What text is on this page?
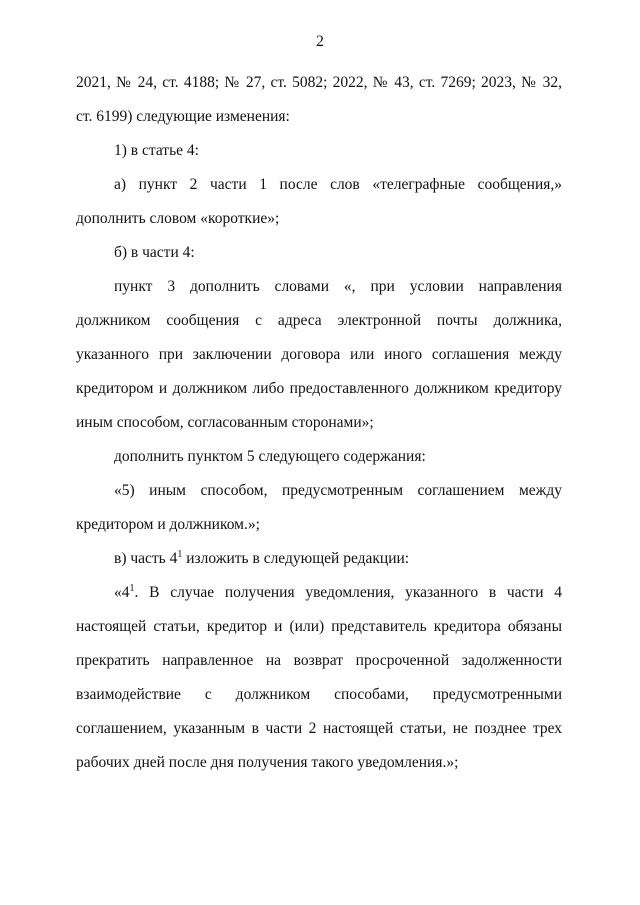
2

2021, № 24, ст. 4188; № 27, ст. 5082; 2022, № 43, ст. 7269; 2023, № 32,

ст. 6199) следующие изменения:

1) в статье 4:

а) пункт 2 части 1 после слов «телеграфные сообщения,» дополнить словом «короткие»;

б) в части 4:

пункт 3 дополнить словами «, при условии направления должником сообщения с адреса электронной почты должника, указанного при заключении договора или иного соглашения между кредитором и должником либо предоставленного должником кредитору иным способом, согласованным сторонами»;

дополнить пунктом 5 следующего содержания:

«5) иным способом, предусмотренным соглашением между кредитором и должником.»;

в) часть $4^1$ изложить в следующей редакции:

«$4^1$. В случае получения уведомления, указанного в части 4 настоящей статьи, кредитор и (или) представитель кредитора обязаны прекратить направленное на возврат просроченной задолженности взаимодействие с должником способами, предусмотренными соглашением, указанным в части 2 настоящей статьи, не позднее трех рабочих дней после дня получения такого уведомления.»;
